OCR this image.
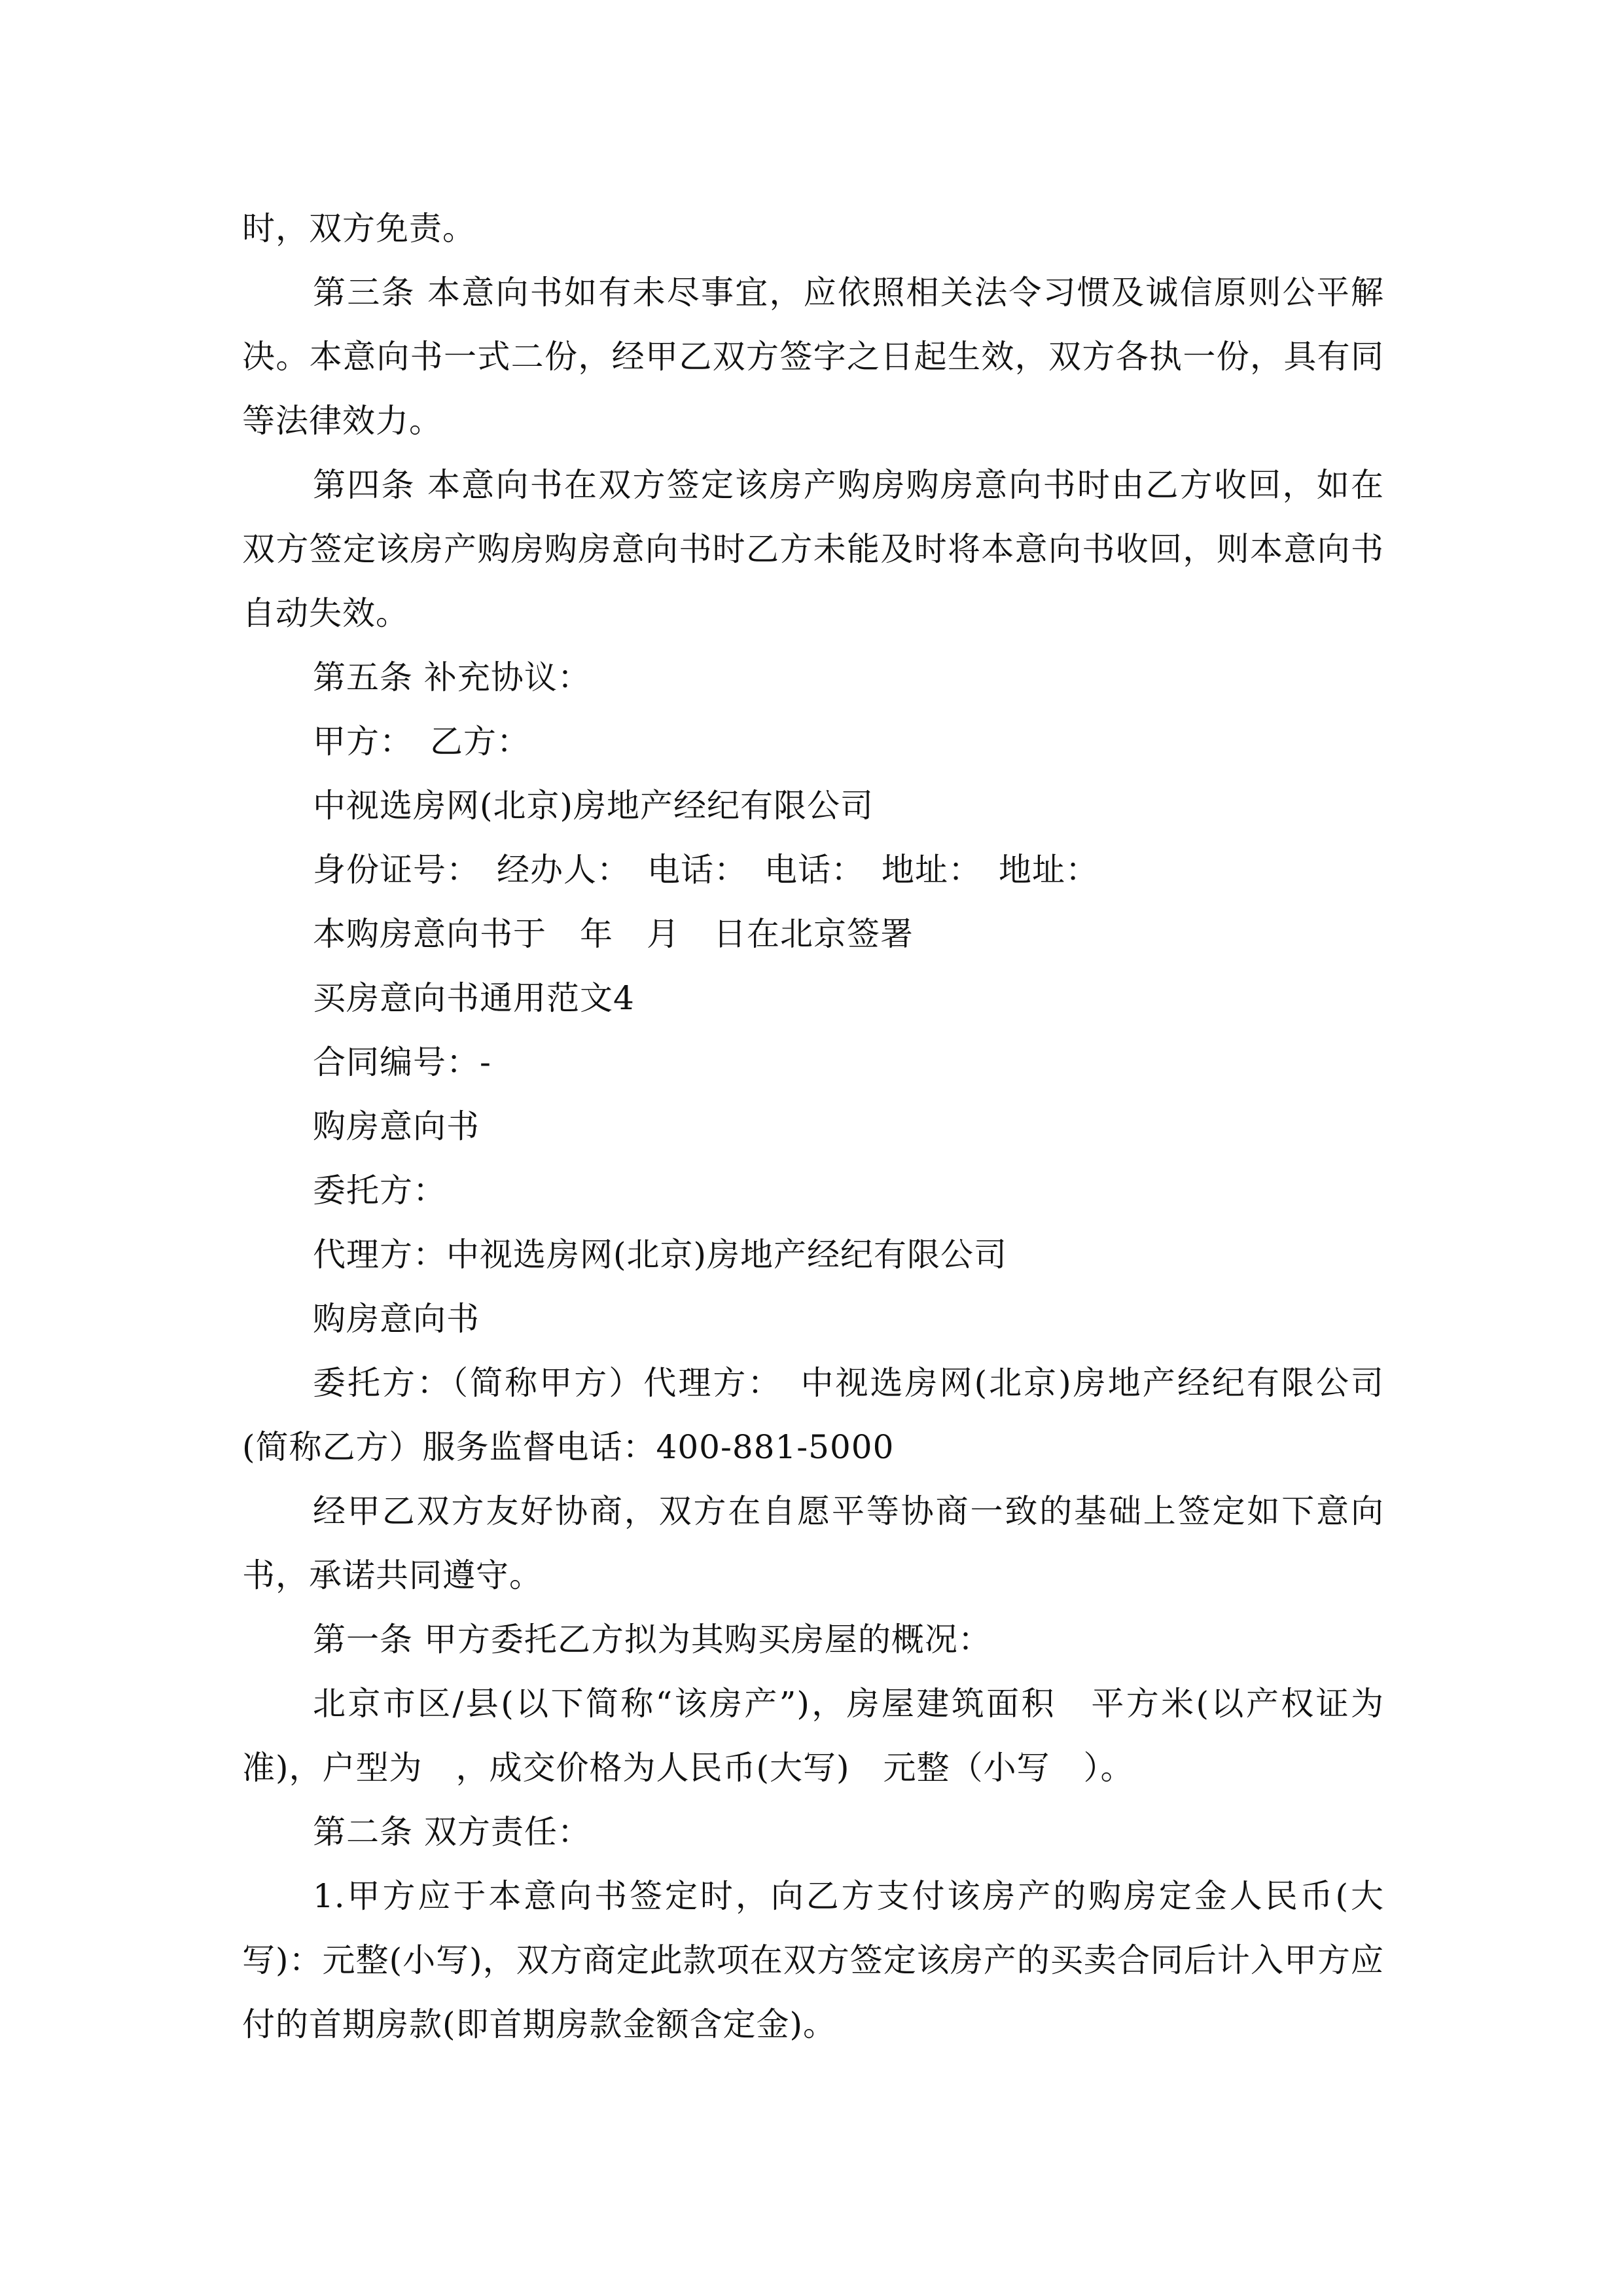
时，双方免责。

第三条 本意向书如有未尽事宜，应依照相关法令习惯及诚信原则公平解决。本意向书一式二份，经甲乙双方签字之日起生效，双方各执一份，具有同等法律效力。

第四条 本意向书在双方签定该房产购房购房意向书时由乙方收回，如在双方签定该房产购房购房意向书时乙方未能及时将本意向书收回，则本意向书自动失效。

第五条 补充协议：

甲方：　乙方：

中视选房网(北京)房地产经纪有限公司

身份证号：　经办人：　电话：　电话：　地址：　地址：

本购房意向书于　年　月　日在北京签署

买房意向书通用范文4

合同编号：-

购房意向书

委托方：

代理方：中视选房网(北京)房地产经纪有限公司

购房意向书

委托方：（简称甲方）代理方：　中视选房网(北京)房地产经纪有限公司(简称乙方）服务监督电话：400-881-5000

经甲乙双方友好协商，双方在自愿平等协商一致的基础上签定如下意向书，承诺共同遵守。

第一条 甲方委托乙方拟为其购买房屋的概况：

北京市区/县(以下简称“该房产”)，房屋建筑面积　平方米(以产权证为准)，户型为　，成交价格为人民币(大写)　元整（小写　）。

第二条 双方责任：

1.甲方应于本意向书签定时，向乙方支付该房产的购房定金人民币(大写)：元整(小写)，双方商定此款项在双方签定该房产的买卖合同后计入甲方应付的首期房款(即首期房款金额含定金)。
